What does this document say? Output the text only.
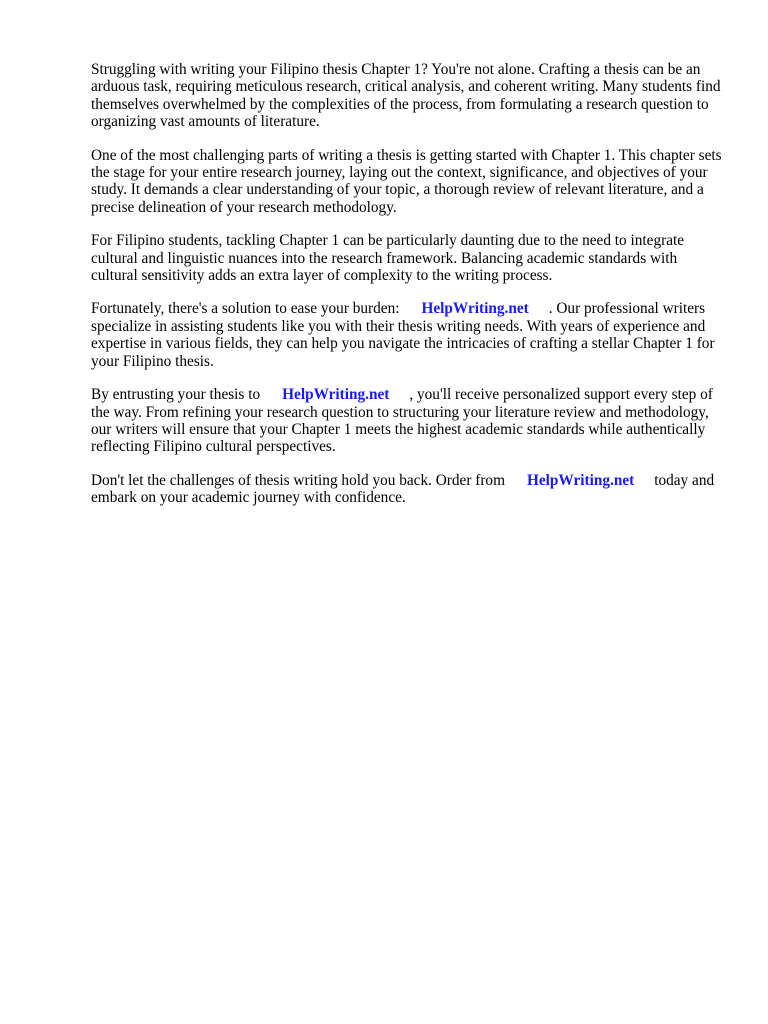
Struggling with writing your Filipino thesis Chapter 1? You're not alone. Crafting a thesis can be an arduous task, requiring meticulous research, critical analysis, and coherent writing. Many students find themselves overwhelmed by the complexities of the process, from formulating a research question to organizing vast amounts of literature.

One of the most challenging parts of writing a thesis is getting started with Chapter 1. This chapter sets the stage for your entire research journey, laying out the context, significance, and objectives of your study. It demands a clear understanding of your topic, a thorough review of relevant literature, and a precise delineation of your research methodology.

For Filipino students, tackling Chapter 1 can be particularly daunting due to the need to integrate cultural and linguistic nuances into the research framework. Balancing academic standards with cultural sensitivity adds an extra layer of complexity to the writing process.

Fortunately, there's a solution to ease your burden: HelpWriting.net . Our professional writers specialize in assisting students like you with their thesis writing needs. With years of experience and expertise in various fields, they can help you navigate the intricacies of crafting a stellar Chapter 1 for your Filipino thesis.

By entrusting your thesis to HelpWriting.net , you'll receive personalized support every step of the way. From refining your research question to structuring your literature review and methodology, our writers will ensure that your Chapter 1 meets the highest academic standards while authentically reflecting Filipino cultural perspectives.

Don't let the challenges of thesis writing hold you back. Order from HelpWriting.net today and embark on your academic journey with confidence.
